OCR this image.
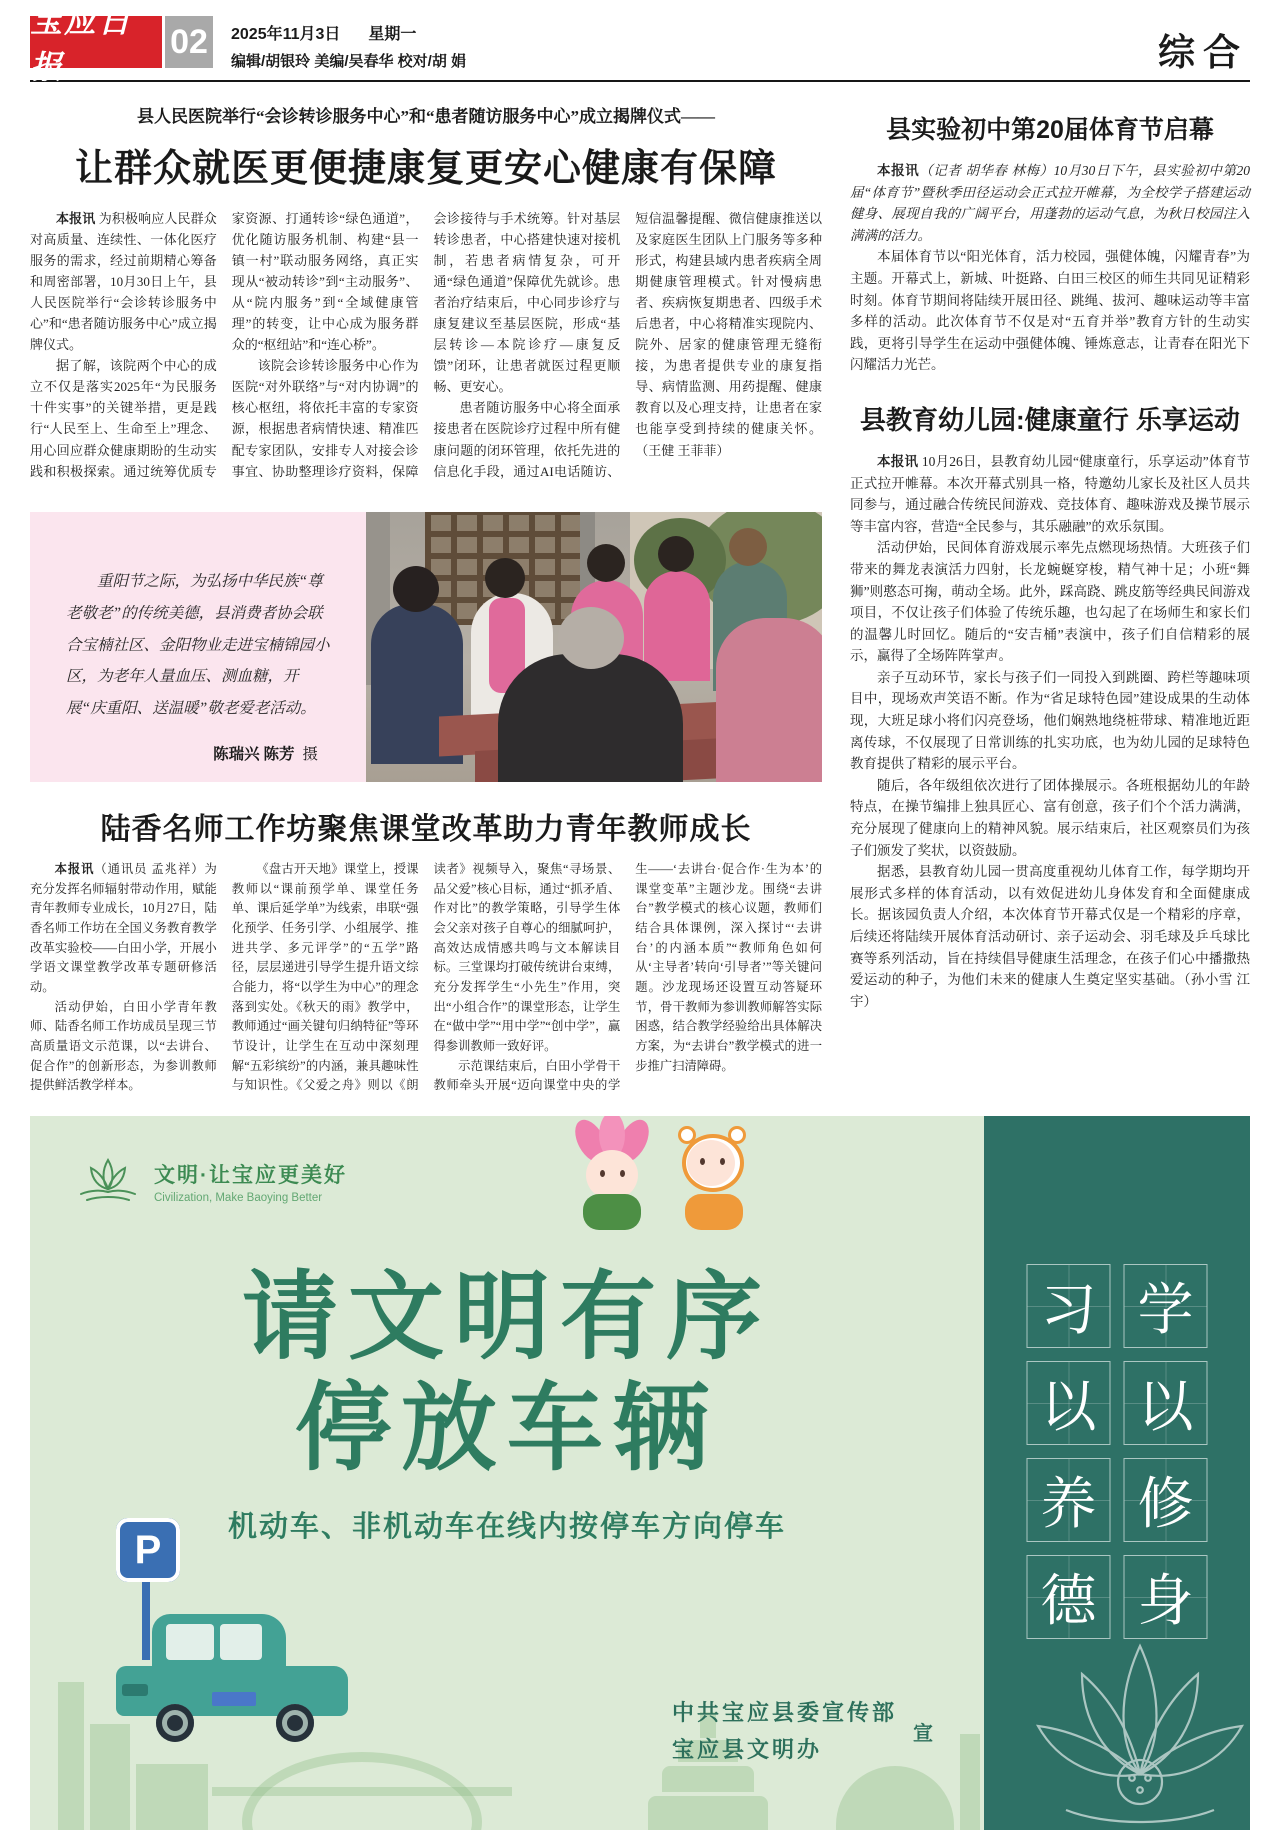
宝应日报
02	2025年11月3日 星期一
编辑/胡银玲 美编/吴春华 校对/胡 娟	综合
县人民医院举行“会诊转诊服务中心”和“患者随访服务中心”成立揭牌仪式——
让群众就医更便捷康复更安心健康有保障

本报讯 为积极响应人民群众对高质量、连续性、一体化医疗服务的需求，经过前期精心筹备和周密部署，10月30日上午，县人民医院举行“会诊转诊服务中心”和“患者随访服务中心”成立揭牌仪式。

据了解，该院两个中心的成立不仅是落实2025年“为民服务十件实事”的关键举措，更是践行“人民至上、生命至上”理念、用心回应群众健康期盼的生动实践和积极探索。通过统筹优质专家资源、打通转诊“绿色通道”，优化随访服务机制、构建“县一镇一村”联动服务网络，真正实现从“被动转诊”到“主动服务”、从“院内服务”到“全域健康管理”的转变，让中心成为服务群众的“枢纽站”和“连心桥”。

该院会诊转诊服务中心作为医院“对外联络”与“对内协调”的核心枢纽，将依托丰富的专家资源，根据患者病情快速、精准匹配专家团队，安排专人对接会诊事宜、协助整理诊疗资料，保障会诊接待与手术统筹。针对基层转诊患者，中心搭建快速对接机制，若患者病情复杂，可开通“绿色通道”保障优先就诊。患者治疗结束后，中心同步诊疗与康复建议至基层医院，形成“基层转诊—本院诊疗—康复反馈”闭环，让患者就医过程更顺畅、更安心。

患者随访服务中心将全面承接患者在医院诊疗过程中所有健康问题的闭环管理，依托先进的信息化手段，通过AI电话随访、短信温馨提醒、微信健康推送以及家庭医生团队上门服务等多种形式，构建县域内患者疾病全周期健康管理模式。针对慢病患者、疾病恢复期患者、四级手术后患者，中心将精准实现院内、院外、居家的健康管理无缝衔接，为患者提供专业的康复指导、病情监测、用药提醒、健康教育以及心理支持，让患者在家也能享受到持续的健康关怀。（王健 王菲菲）

重阳节之际，为弘扬中华民族“尊老敬老”的传统美德，县消费者协会联合宝楠社区、金阳物业走进宝楠锦园小区，为老年人量血压、测血糖，开展“庆重阳、送温暖”敬老爱老活动。

陈瑞兴 陈芳 摄
陆香名师工作坊聚焦课堂改革助力青年教师成长

本报讯（通讯员 孟兆祥）为充分发挥名师辐射带动作用，赋能青年教师专业成长，10月27日，陆香名师工作坊在全国义务教育教学改革实验校——白田小学，开展小学语文课堂教学改革专题研修活动。

活动伊始，白田小学青年教师、陆香名师工作坊成员呈现三节高质量语文示范课，以“去讲台、促合作”的创新形态，为参训教师提供鲜活教学样本。

《盘古开天地》课堂上，授课教师以“课前预学单、课堂任务单、课后延学单”为线索，串联“强化预学、任务引学、小组展学、推进共学、多元评学”的“五学”路径，层层递进引导学生提升语文综合能力，将“以学生为中心”的理念落到实处。《秋天的雨》教学中，教师通过“画关键句归纳特征”等环节设计，让学生在互动中深刻理解“五彩缤纷”的内涵，兼具趣味性与知识性。《父爱之舟》则以《朗读者》视频导入，聚焦“寻场景、品父爱”核心目标，通过“抓矛盾、作对比”的教学策略，引导学生体会父亲对孩子自尊心的细腻呵护，高效达成情感共鸣与文本解读目标。三堂课均打破传统讲台束缚，充分发挥学生“小先生”作用，突出“小组合作”的课堂形态，让学生在“做中学”“用中学”“创中学”，赢得参训教师一致好评。

示范课结束后，白田小学骨干教师牵头开展“迈向课堂中央的学生——‘去讲台·促合作·生为本’的课堂变革”主题沙龙。围绕“去讲台”教学模式的核心议题，教师们结合具体课例，深入探讨“‘去讲台’的内涵本质”“教师角色如何从‘主导者’转向‘引导者’”等关键问题。沙龙现场还设置互动答疑环节，骨干教师为参训教师解答实际困惑，结合教学经验给出具体解决方案，为“去讲台”教学模式的进一步推广扫清障碍。

县实验初中第20届体育节启幕

本报讯（记者 胡华春 林梅）10月30日下午，县实验初中第20届“体育节”暨秋季田径运动会正式拉开帷幕，为全校学子搭建运动健身、展现自我的广阔平台，用蓬勃的运动气息，为秋日校园注入满满的活力。

本届体育节以“阳光体育，活力校园，强健体魄，闪耀青春”为主题。开幕式上，新城、叶挺路、白田三校区的师生共同见证精彩时刻。体育节期间将陆续开展田径、跳绳、拔河、趣味运动等丰富多样的活动。此次体育节不仅是对“五育并举”教育方针的生动实践，更将引导学生在运动中强健体魄、锤炼意志，让青春在阳光下闪耀活力光芒。

县教育幼儿园:健康童行 乐享运动

本报讯 10月26日，县教育幼儿园“健康童行，乐享运动”体育节正式拉开帷幕。本次开幕式别具一格，特邀幼儿家长及社区人员共同参与，通过融合传统民间游戏、竞技体育、趣味游戏及操节展示等丰富内容，营造“全民参与，其乐融融”的欢乐氛围。

活动伊始，民间体育游戏展示率先点燃现场热情。大班孩子们带来的舞龙表演活力四射，长龙蜿蜒穿梭，精气神十足；小班“舞狮”则憨态可掬，萌动全场。此外，踩高跷、跳皮筋等经典民间游戏项目，不仅让孩子们体验了传统乐趣，也勾起了在场师生和家长们的温馨儿时回忆。随后的“安吉桶”表演中，孩子们自信精彩的展示，赢得了全场阵阵掌声。

亲子互动环节，家长与孩子们一同投入到跳圈、跨栏等趣味项目中，现场欢声笑语不断。作为“省足球特色园”建设成果的生动体现，大班足球小将们闪亮登场，他们娴熟地绕桩带球、精准地近距离传球，不仅展现了日常训练的扎实功底，也为幼儿园的足球特色教育提供了精彩的展示平台。

随后，各年级组依次进行了团体操展示。各班根据幼儿的年龄特点，在操节编排上独具匠心、富有创意，孩子们个个活力满满，充分展现了健康向上的精神风貌。展示结束后，社区观察员们为孩子们颁发了奖状，以资鼓励。

据悉，县教育幼儿园一贯高度重视幼儿体育工作，每学期均开展形式多样的体育活动，以有效促进幼儿身体发育和全面健康成长。据该园负责人介绍，本次体育节开幕式仅是一个精彩的序章，后续还将陆续开展体育活动研讨、亲子运动会、羽毛球及乒乓球比赛等系列活动，旨在持续倡导健康生活理念，在孩子们心中播撒热爱运动的种子，为他们未来的健康人生奠定坚实基础。（孙小雪 江宇）

文明·让宝应更美好
Civilization, Make Baoying Better
请文明有序
停放车辆
机动车、非机动车在线内按停车方向停车
P
中共宝应县委宣传部
宝应县文明办
宣
习 学
以 以
养 修
德 身
